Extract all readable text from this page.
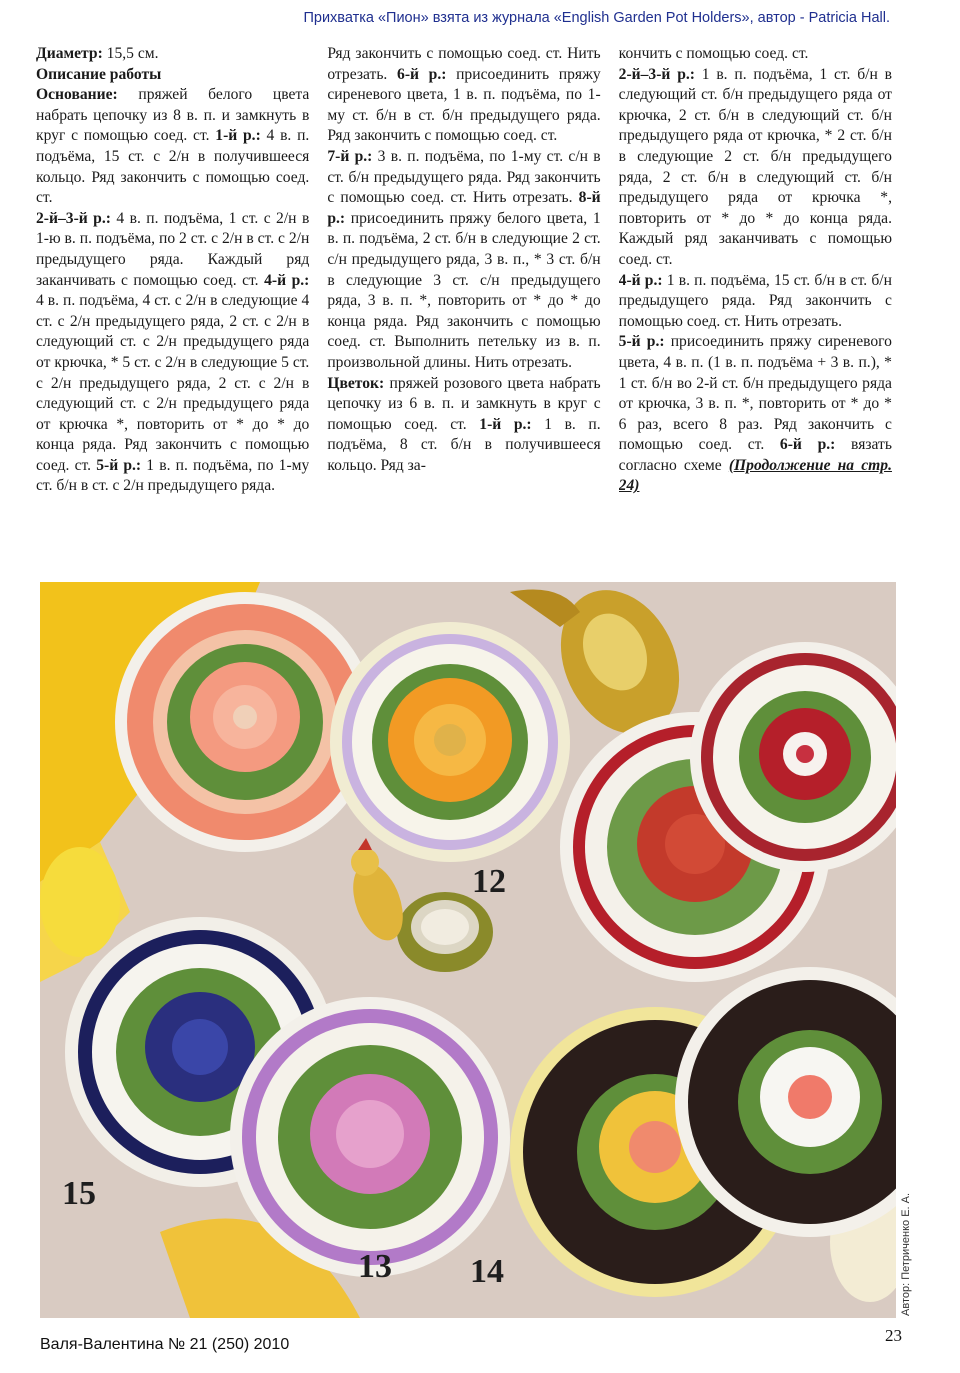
Прихватка «Пион» взята из журнала «English Garden Pot Holders», автор - Patricia Hall.

Диаметр: 15,5 см.

Описание работы

Основание: пряжей белого цвета набрать цепочку из 8 в. п. и замкнуть в круг с помощью соед. ст. 1-й р.: 4 в. п. подъёма, 15 ст. с 2/н в получившееся кольцо. Ряд закончить с помощью соед. ст.

2-й–3-й р.: 4 в. п. подъёма, 1 ст. с 2/н в 1-ю в. п. подъёма, по 2 ст. с 2/н в ст. с 2/н предыдущего ряда. Каждый ряд заканчивать с помощью соед. ст. 4-й р.: 4 в. п. подъёма, 4 ст. с 2/н в следующие 4 ст. с 2/н предыдущего ряда, 2 ст. с 2/н в следующий ст. с 2/н предыдущего ряда от крючка, * 5 ст. с 2/н в следующие 5 ст. с 2/н предыдущего ряда, 2 ст. с 2/н в следующий ст. с 2/н предыдущего ряда от крючка *, повторить от * до * до конца ряда. Ряд закончить с помощью соед. ст. 5-й р.: 1 в. п. подъёма, по 1-му ст. б/н в ст. с 2/н предыдущего ряда.

Ряд закончить с помощью соед. ст. Нить отрезать. 6-й р.: присоединить пряжу сиреневого цвета, 1 в. п. подъёма, по 1-му ст. б/н в ст. б/н предыдущего ряда. Ряд закончить с помощью соед. ст.

7-й р.: 3 в. п. подъёма, по 1-му ст. с/н в ст. б/н предыдущего ряда. Ряд закончить с помощью соед. ст. Нить отрезать. 8-й р.: присоединить пряжу белого цвета, 1 в. п. подъёма, 2 ст. б/н в следующие 2 ст. с/н предыдущего ряда, 3 в. п., * 3 ст. б/н в следующие 3 ст. с/н предыдущего ряда, 3 в. п. *, повторить от * до * до конца ряда. Ряд закончить с помощью соед. ст. Выполнить петельку из в. п. произвольной длины. Нить отрезать.

Цветок: пряжей розового цвета набрать цепочку из 6 в. п. и замкнуть в круг с помощью соед. ст. 1-й р.: 1 в. п. подъёма, 8 ст. б/н в получившееся кольцо. Ряд за-

кончить с помощью соед. ст.

2-й–3-й р.: 1 в. п. подъёма, 1 ст. б/н в следующий ст. б/н предыдущего ряда от крючка, 2 ст. б/н в следующий ст. б/н предыдущего ряда от крючка, * 2 ст. б/н в следующие 2 ст. б/н предыдущего ряда, 2 ст. б/н в следующий ст. б/н предыдущего ряда от крючка *, повторить от * до * до конца ряда. Каждый ряд заканчивать с помощью соед. ст.

4-й р.: 1 в. п. подъёма, 15 ст. б/н в ст. б/н предыдущего ряда. Ряд закончить с помощью соед. ст. Нить отрезать.

5-й р.: присоединить пряжу сиреневого цвета, 4 в. п. (1 в. п. подъёма + 3 в. п.), * 1 ст. б/н во 2-й ст. б/н предыдущего ряда от крючка, 3 в. п. *, повторить от * до * 6 раз, всего 8 раз. Ряд закончить с помощью соед. ст. 6-й р.: вязать согласно схеме (Продолжение на стр. 24)

12
15
13 14	Автор: Петриченко Е. А.
Валя-Валентина № 21 (250) 2010	23
